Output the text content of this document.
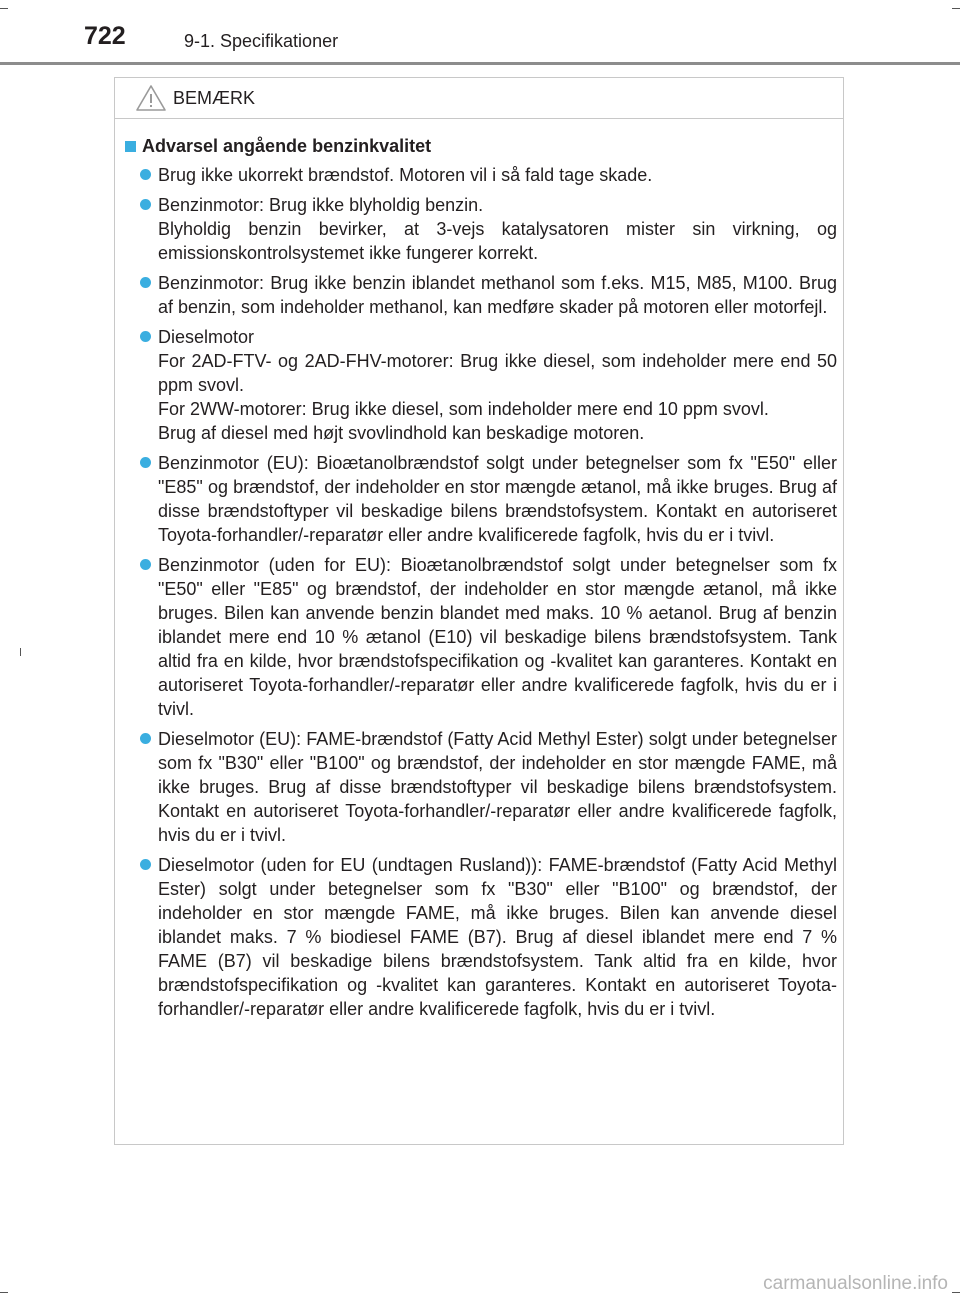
722	9-1. Specifikationer
BEMÆRK
Advarsel angående benzinkvalitet

Brug ikke ukorrekt brændstof. Motoren vil i så fald tage skade.

Benzinmotor: Brug ikke blyholdig benzin.

Blyholdig benzin bevirker, at 3-vejs katalysatoren mister sin virkning, og emissionskontrolsystemet ikke fungerer korrekt.

Benzinmotor: Brug ikke benzin iblandet methanol som f.eks. M15, M85, M100. Brug af benzin, som indeholder methanol, kan medføre skader på motoren eller motorfejl.

Dieselmotor

For 2AD-FTV- og 2AD-FHV-motorer: Brug ikke diesel, som indeholder mere end 50 ppm svovl.

For 2WW-motorer: Brug ikke diesel, som indeholder mere end 10 ppm svovl.

Brug af diesel med højt svovlindhold kan beskadige motoren.

Benzinmotor (EU): Bioætanolbrændstof solgt under betegnelser som fx "E50" eller "E85" og brændstof, der indeholder en stor mængde ætanol, må ikke bruges. Brug af disse brændstoftyper vil beskadige bilens brændstofsystem. Kontakt en autoriseret Toyota-forhandler/-reparatør eller andre kvalificerede fagfolk, hvis du er i tvivl.

Benzinmotor (uden for EU): Bioætanolbrændstof solgt under betegnelser som fx "E50" eller "E85" og brændstof, der indeholder en stor mængde ætanol, må ikke bruges. Bilen kan anvende benzin blandet med maks. 10 % aetanol. Brug af benzin iblandet mere end 10 % ætanol (E10) vil beskadige bilens brændstofsystem. Tank altid fra en kilde, hvor brændstofspecifikation og -kvalitet kan garanteres. Kontakt en autoriseret Toyota-forhandler/-reparatør eller andre kvalificerede fagfolk, hvis du er i tvivl.

Dieselmotor (EU): FAME-brændstof (Fatty Acid Methyl Ester) solgt under betegnelser som fx "B30" eller "B100" og brændstof, der indeholder en stor mængde FAME, må ikke bruges. Brug af disse brændstoftyper vil beskadige bilens brændstofsystem. Kontakt en autoriseret Toyota-forhandler/-reparatør eller andre kvalificerede fagfolk, hvis du er i tvivl.

Dieselmotor (uden for EU (undtagen Rusland)): FAME-brændstof (Fatty Acid Methyl Ester) solgt under betegnelser som fx "B30" eller "B100" og brændstof, der indeholder en stor mængde FAME, må ikke bruges. Bilen kan anvende diesel iblandet maks. 7 % biodiesel FAME (B7). Brug af diesel iblandet mere end 7 % FAME (B7) vil beskadige bilens brændstofsystem. Tank altid fra en kilde, hvor brændstofspecifikation og -kvalitet kan garanteres. Kontakt en autoriseret Toyota-forhandler/-reparatør eller andre kvalificerede fagfolk, hvis du er i tvivl.

carmanualsonline.info
